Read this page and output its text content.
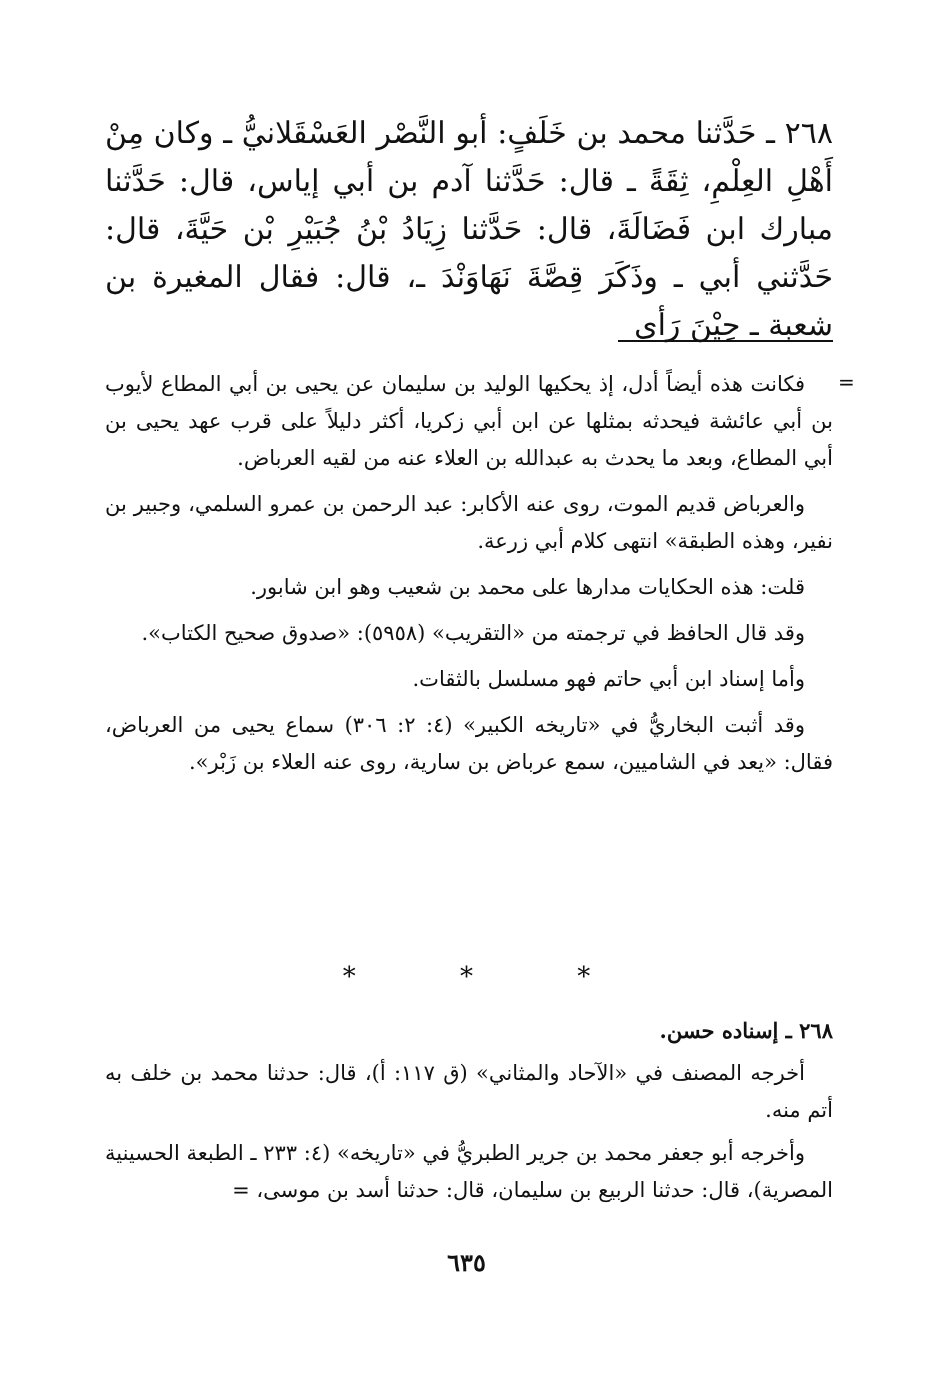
٢٦٨ ـ حَدَّثنا محمد بن خَلَفٍ: أبو النَّصْر العَسْقَلانيُّ ـ وكان مِنْ أَهْلِ العِلْمِ، ثِقَةً ـ قال: حَدَّثنا آدم بن أبي إياس، قال: حَدَّثنا مبارك ابن فَضَالَةَ، قال: حَدَّثنا زِيَادُ بْنُ جُبَيْرِ بْن حَيَّةَ، قال: حَدَّثني أبي ـ وذَكَرَ قِصَّةَ نَهَاوَنْدَ ـ، قال: فقال المغيرة بن شعبة ـ حِيْنَ رَأى
=

فكانت هذه أيضاً أدل، إذ يحكيها الوليد بن سليمان عن يحيى بن أبي المطاع لأيوب بن أبي عائشة فيحدثه بمثلها عن ابن أبي زكريا، أكثر دليلاً على قرب عهد يحيى بن أبي المطاع، وبعد ما يحدث به عبدالله بن العلاء عنه من لقيه العرباض.

والعرباض قديم الموت، روى عنه الأكابر: عبد الرحمن بن عمرو السلمي، وجبير بن نفير، وهذه الطبقة» انتهى كلام أبي زرعة.

قلت: هذه الحكايات مدارها على محمد بن شعيب وهو ابن شابور.

وقد قال الحافظ في ترجمته من «التقريب» (٥٩٥٨): «صدوق صحيح الكتاب».

وأما إسناد ابن أبي حاتم فهو مسلسل بالثقات.

وقد أثبت البخاريُّ في «تاريخه الكبير» (٤: ٢: ٣٠٦) سماع يحيى من العرباض، فقال: «يعد في الشاميين، سمع عرباض بن سارية، روى عنه العلاء بن زَبْر».

* * *

٢٦٨ ـ إسناده حسن.

أخرجه المصنف في «الآحاد والمثاني» (ق ١١٧: أ)، قال: حدثنا محمد بن خلف به أتم منه.

وأخرجه أبو جعفر محمد بن جرير الطبريُّ في «تاريخه» (٤: ٢٣٣ ـ الطبعة الحسينية المصرية)، قال: حدثنا الربيع بن سليمان، قال: حدثنا أسد بن موسى، =

٦٣٥
